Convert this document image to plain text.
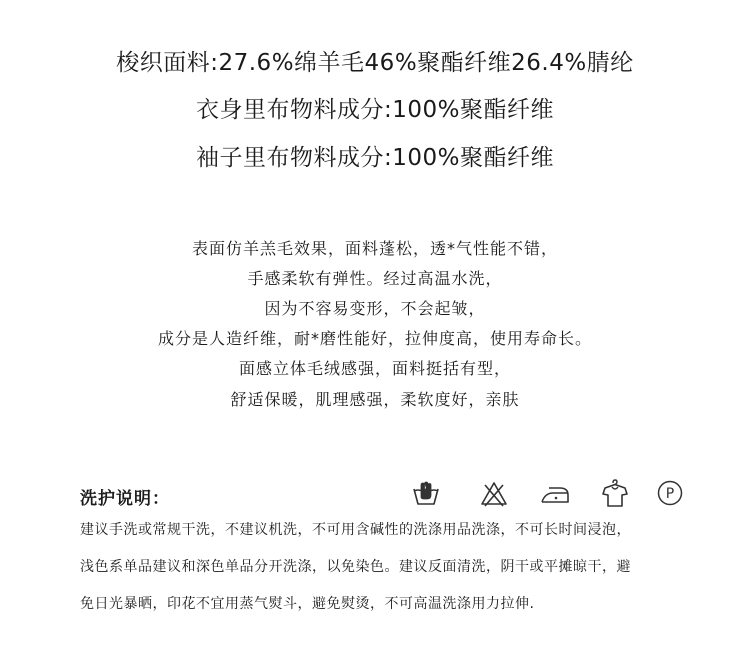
梭织面料:27.6%绵羊毛46%聚酯纤维26.4%腈纶
衣身里布物料成分:100%聚酯纤维
袖子里布物料成分:100%聚酯纤维
表面仿羊羔毛效果，面料蓬松，透*气性能不错，
手感柔软有弹性。经过高温水洗，
因为不容易变形，不会起皱，
成分是人造纤维，耐*磨性能好，拉伸度高，使用寿命长。
面感立体毛绒感强，面料挺括有型，
舒适保暖，肌理感强，柔软度好，亲肤
洗护说明：	P
建议手洗或常规干洗，不建议机洗，不可用含碱性的洗涤用品洗涤，不可长时间浸泡，
浅色系单品建议和深色单品分开洗涤，以免染色。建议反面清洗，阴干或平摊晾干，避
免日光暴晒，印花不宜用蒸气熨斗，避免熨烫，不可高温洗涤用力拉伸.
